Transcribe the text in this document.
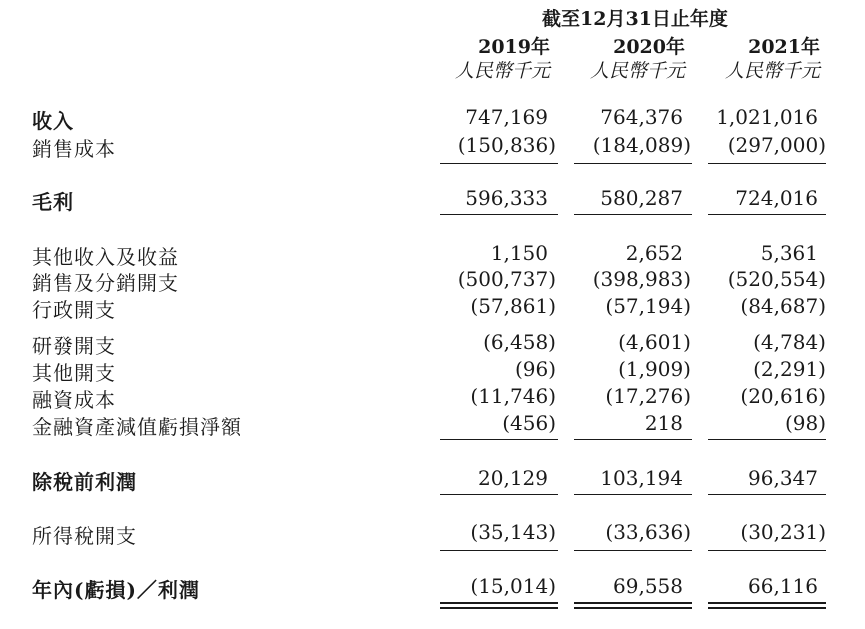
截至12月31日止年度
2019年	2020年	2021年
人民幣千元	人民幣千元	人民幣千元
收入	747,169	764,376	1,021,016
銷售成本	(150,836)	(184,089)	(297,000)
毛利	596,333	580,287	724,016
其他收入及收益	1,150	2,652	5,361
銷售及分銷開支	(500,737)	(398,983)	(520,554)
行政開支	(57,861)	(57,194)	(84,687)
研發開支	(6,458)	(4,601)	(4,784)
其他開支	(96)	(1,909)	(2,291)
融資成本	(11,746)	(17,276)	(20,616)
金融資產減值虧損淨額	(456)	218	(98)
除稅前利潤	20,129	103,194	96,347
所得稅開支	(35,143)	(33,636)	(30,231)
年內(虧損)／利潤	(15,014)	69,558	66,116
